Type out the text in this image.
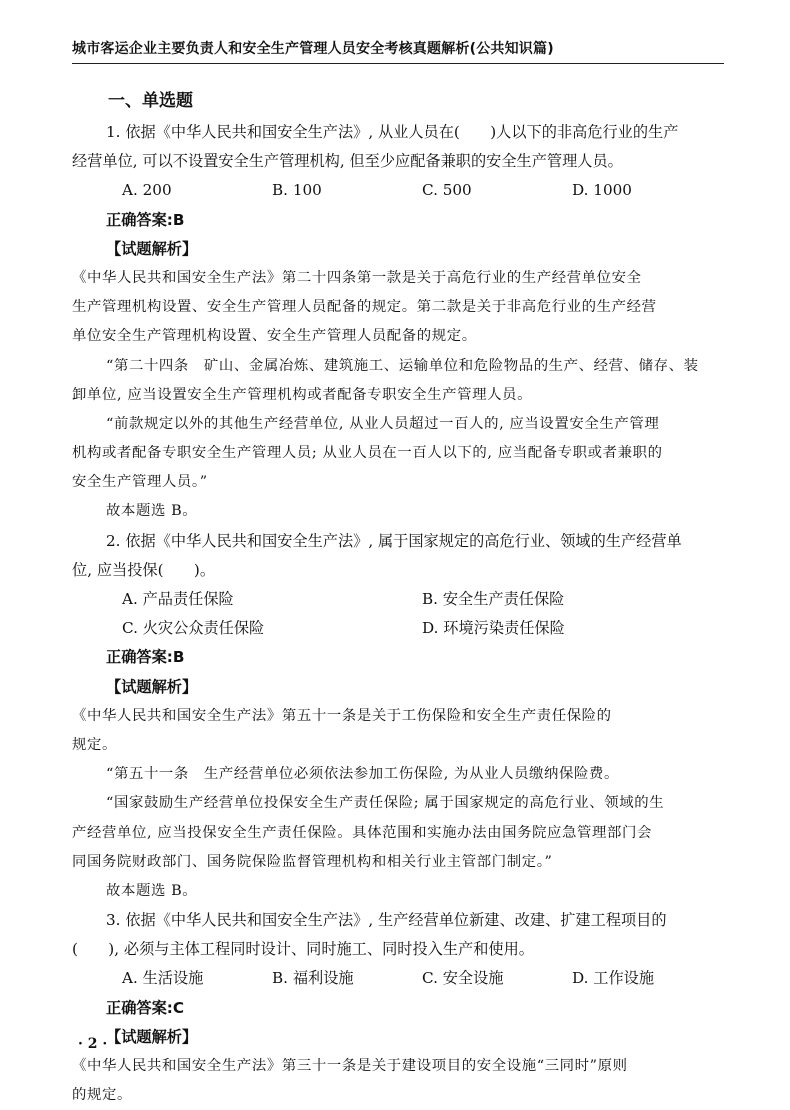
城市客运企业主要负责人和安全生产管理人员安全考核真题解析(公共知识篇)
一、单选题
1. 依据《中华人民共和国安全生产法》, 从业人员在(　　)人以下的非高危行业的生产
经营单位, 可以不设置安全生产管理机构, 但至少应配备兼职的安全生产管理人员。
A. 200	B. 100	C. 500	D. 1000
正确答案:B
【试题解析】
《中华人民共和国安全生产法》第二十四条第一款是关于高危行业的生产经营单位安全
生产管理机构设置、安全生产管理人员配备的规定。第二款是关于非高危行业的生产经营
单位安全生产管理机构设置、安全生产管理人员配备的规定。
“第二十四条　矿山、金属冶炼、建筑施工、运输单位和危险物品的生产、经营、储存、装
卸单位, 应当设置安全生产管理机构或者配备专职安全生产管理人员。
“前款规定以外的其他生产经营单位, 从业人员超过一百人的, 应当设置安全生产管理
机构或者配备专职安全生产管理人员; 从业人员在一百人以下的, 应当配备专职或者兼职的
安全生产管理人员。”
故本题选 B。
2. 依据《中华人民共和国安全生产法》, 属于国家规定的高危行业、领域的生产经营单
位, 应当投保(　　)。
A. 产品责任保险	B. 安全生产责任保险
C. 火灾公众责任保险	D. 环境污染责任保险
正确答案:B
【试题解析】
《中华人民共和国安全生产法》第五十一条是关于工伤保险和安全生产责任保险的
规定。
“第五十一条　生产经营单位必须依法参加工伤保险, 为从业人员缴纳保险费。
“国家鼓励生产经营单位投保安全生产责任保险; 属于国家规定的高危行业、领域的生
产经营单位, 应当投保安全生产责任保险。具体范围和实施办法由国务院应急管理部门会
同国务院财政部门、国务院保险监督管理机构和相关行业主管部门制定。”
故本题选 B。
3. 依据《中华人民共和国安全生产法》, 生产经营单位新建、改建、扩建工程项目的
(　　), 必须与主体工程同时设计、同时施工、同时投入生产和使用。
A. 生活设施	B. 福利设施	C. 安全设施	D. 工作设施
正确答案:C
【试题解析】
《中华人民共和国安全生产法》第三十一条是关于建设项目的安全设施“三同时”原则
的规定。
· 2 ·
